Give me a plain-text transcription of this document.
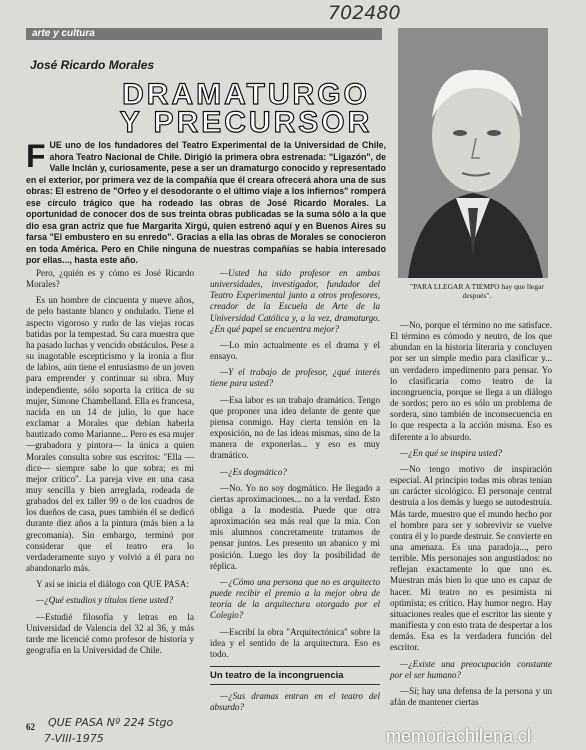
702480
arte y cultura
José Ricardo Morales
DRAMATURGO
Y PRECURSOR
FUE uno de los fundadores del Teatro Experimental de la Universidad de Chile, ahora Teatro Nacional de Chile. Dirigió la primera obra estrenada: "Ligazón", de Valle Inclán y, curiosamente, pese a ser un dramaturgo conocido y representado en el exterior, por primera vez de la compañía que él creara ofrecerá ahora una de sus obras: El estreno de "Orfeo y el desodorante o el último viaje a los infiernos" romperá ese círculo trágico que ha rodeado las obras de José Ricardo Morales. La oportunidad de conocer dos de sus treinta obras publicadas se la suma sólo a la que dio esa gran actriz que fue Margarita Xirgú, quien estrenó aquí y en Buenos Aires su farsa "El embustero en su enredo". Gracias a ella las obras de Morales se conocieron en toda América. Pero en Chile ninguna de nuestras compañías se había interesado por ellas..., hasta este año.
"PARA LLEGAR A TIEMPO hay que llegar después".

Pero, ¿quién es y cómo es José Ricardo Morales?

Es un hombre de cincuenta y nueve años, de pelo bastante blanco y ondulado. Tiene el aspecto vigoroso y rudo de las viejas rocas batidas por la tempestad. Su cara muestra que ha pasado luchas y vencido obstáculos. Pese a su inagotable escepticismo y la ironía a flor de labios, aún tiene el entusiasmo de un joven para emprender y continuar su obra. Muy independiente, sólo soporta la crítica de su mujer, Simone Chambelland. Ella es francesa, nacida en un 14 de julio, lo que hace exclamar a Morales que debían haberla bautizado como Marianne... Pero es esa mujer —grabadora y pintora— la única a quien Morales consulta sobre sus escritos: "Ella —dice— siempre sabe lo que sobra; es mi mejor crítico". La pareja vive en una casa muy sencilla y bien arreglada, rodeada de grabados del ex taller 99 o de los cuadros de los dueños de casa, pues también él se dedicó durante diez años a la pintura (más bien a la grecomanía). Sin embargo, terminó por considerar que el teatro era lo verdaderamente suyo y volvió a él para no abandonarlo más.

Y así se inicia el diálogo con QUE PASA:

—¿Qué estudios y títulos tiene usted?

—Estudié filosofía y letras en la Universidad de Valencia del 32 al 36, y más tarde me licencié como profesor de historia y geografía en la Universidad de Chile.

—Usted ha sido profesor en ambas universidades, investigador, fundador del Teatro Experimental junto a otros profesores, creador de la Escuela de Arte de la Universidad Católica y, a la vez, dramaturgo. ¿En qué papel se encuentra mejor?

—Lo mío actualmente es el drama y el ensayo.

—Y el trabajo de profesor, ¿qué interés tiene para usted?

—Esa labor es un trabajo dramático. Tengo que proponer una idea delante de gente que piensa conmigo. Hay cierta tensión en la exposición, no de las ideas mismas, sino de la manera de exponerlas... y eso es muy dramático.

—¿Es dogmático?

—No. Yo no soy dogmático. He llegado a ciertas aproximaciones... no a la verdad. Esto obliga a la modestia. Puede que otra aproximación sea más real que la mía. Con mis alumnos concretamente tratamos de pensar juntos. Les presento un abanico y mi posición. Luego les doy la posibilidad de réplica.

—¿Cómo una persona que no es arquitecto puede recibir el premio a la mejor obra de teoría de la arquitectura otorgado por el Colegio?

—Escribí la obra "Arquitectónica" sobre la idea y el sentido de la arquitectura. Eso es todo.

Un teatro de la incongruencia

—¿Sus dramas entran en el teatro del absurdo?

—No, porque el término no me satisface. El término es cómodo y neutro, de los que abundan en la historia literaria y concluyen por ser un simple medio para clasificar y... un verdadero impedimento para pensar. Yo lo clasificaría como teatro de la incongruencia, porque se llega a un diálogo de sordos; pero no es sólo un problema de sordera, sino también de inconsecuencia en lo que respecta a la acción misma. Eso es diferente a lo absurdo.

—¿En qué se inspira usted?

—No tengo motivo de inspiración especial. Al principio todas mis obras tenían un carácter sicológico. El personaje central destruía a los demás y luego se autodestruía. Más tarde, muestro que el mundo hecho por el hombre para ser y sobrevivir se vuelve contra él y lo puede destruir. Se convierte en una amenaza. Es una paradoja..., pero terrible. Mis personajes son angustiados: no reflejan exactamente lo que uno es. Muestran más bien lo que uno es capaz de hacer. Mi teatro no es pesimista ni optimista; es crítico. Hay humor negro. Hay situaciones reales que el escritor las siente y manifiesta y con esto trata de despertar a los demás. Esa es la verdadera función del escritor.

—¿Existe una preocupación constante por el ser humano?

—Sí; hay una defensa de la persona y un afán de mantener ciertas

62 QUE PASA Nº 224 Stgo
7-VIII-1975	memoriachilena.cl
